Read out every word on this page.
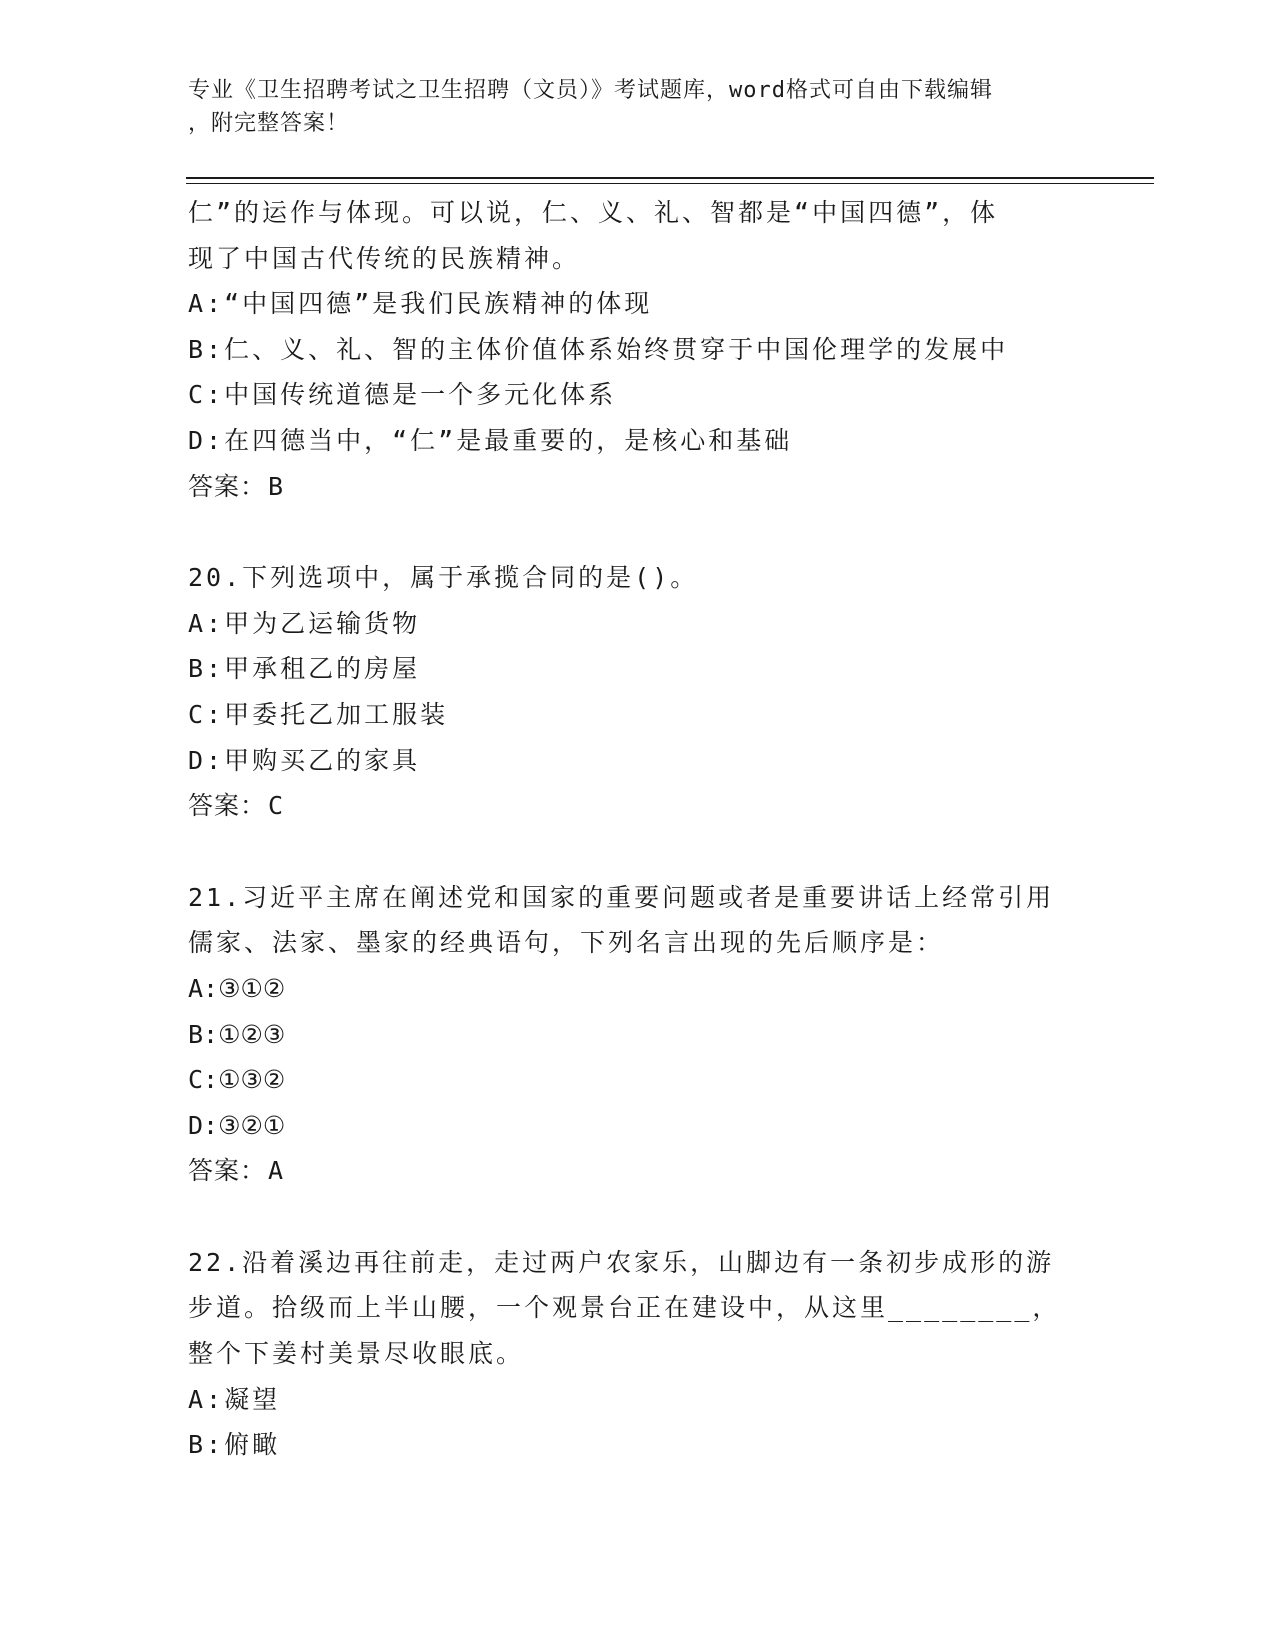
专业《卫生招聘考试之卫生招聘（文员）》考试题库，word格式可自由下载编辑
，附完整答案！
仁”的运作与体现。可以说，仁、义、礼、智都是“中国四德”，体
现了中国古代传统的民族精神。
A:“中国四德”是我们民族精神的体现
B:仁、义、礼、智的主体价值体系始终贯穿于中国伦理学的发展中
C:中国传统道德是一个多元化体系
D:在四德当中，“仁”是最重要的，是核心和基础
答案：B
20.下列选项中，属于承揽合同的是()。
A:甲为乙运输货物
B:甲承租乙的房屋
C:甲委托乙加工服装
D:甲购买乙的家具
答案：C
21.习近平主席在阐述党和国家的重要问题或者是重要讲话上经常引用
儒家、法家、墨家的经典语句，下列名言出现的先后顺序是：
A:③①②
B:①②③
C:①③②
D:③②①
答案：A
22.沿着溪边再往前走，走过两户农家乐，山脚边有一条初步成形的游
步道。拾级而上半山腰，一个观景台正在建设中，从这里________，
整个下姜村美景尽收眼底。
A:凝望
B:俯瞰
